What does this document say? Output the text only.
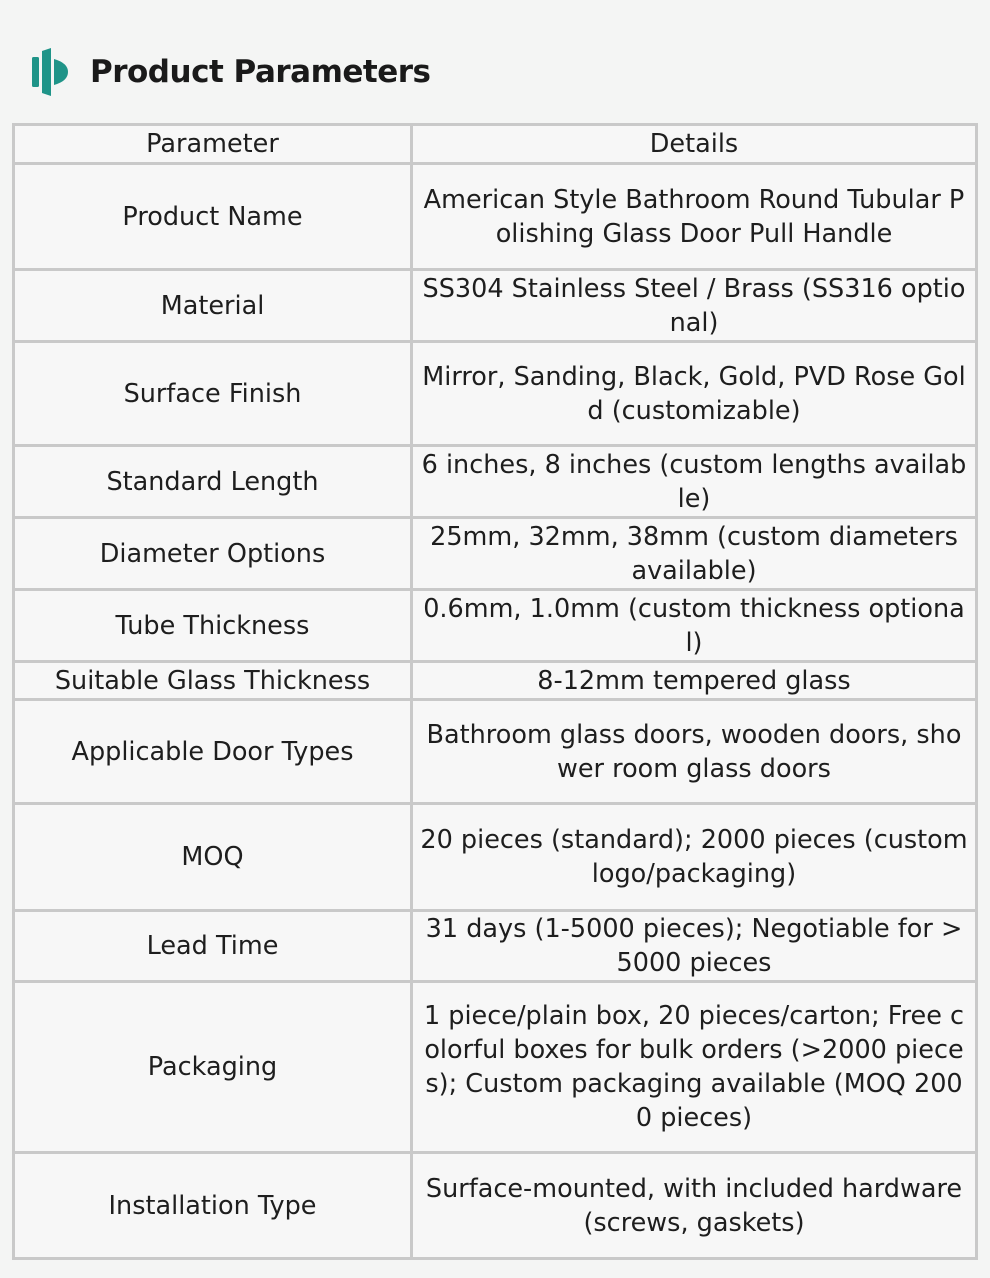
Product Parameters
Parameter	Details
Product Name	American Style Bathroom Round Tubular Polishing Glass Door Pull Handle
Material	SS304 Stainless Steel / Brass (SS316 optional)
Surface Finish	Mirror, Sanding, Black, Gold, PVD Rose Gold (customizable)
Standard Length	6 inches, 8 inches (custom lengths available)
Diameter Options	25mm, 32mm, 38mm (custom diameters available)
Tube Thickness	0.6mm, 1.0mm (custom thickness optional)
Suitable Glass Thickness	8-12mm tempered glass
Applicable Door Types	Bathroom glass doors, wooden doors, shower room glass doors
MOQ	20 pieces (standard); 2000 pieces (custom logo/packaging)
Lead Time	31 days (1-5000 pieces); Negotiable for >5000 pieces
Packaging	1 piece/plain box, 20 pieces/carton; Free colorful boxes for bulk orders (>2000 pieces); Custom packaging available (MOQ 2000 pieces)
Installation Type	Surface-mounted, with included hardware (screws, gaskets)
